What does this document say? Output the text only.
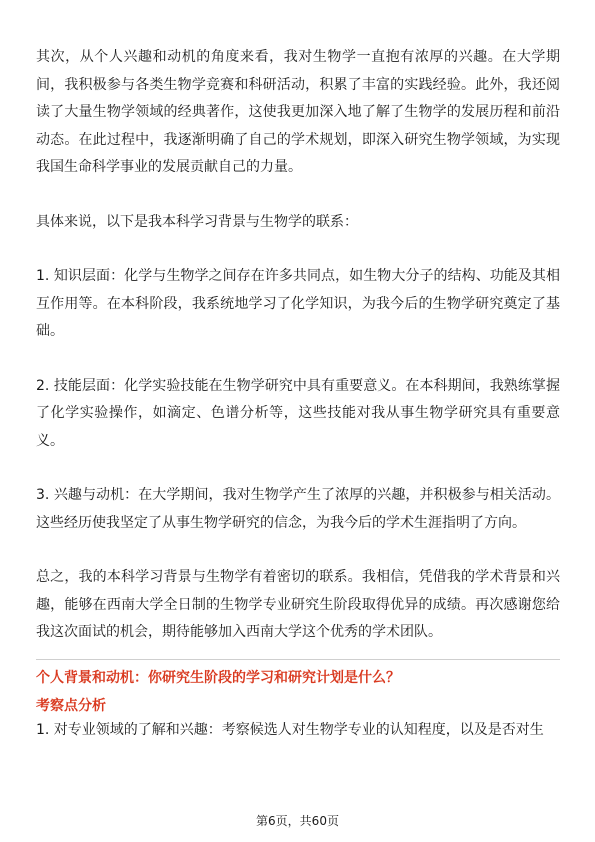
其次，从个人兴趣和动机的角度来看，我对生物学一直抱有浓厚的兴趣。在大学期间，我积极参与各类生物学竞赛和科研活动，积累了丰富的实践经验。此外，我还阅读了大量生物学领域的经典著作，这使我更加深入地了解了生物学的发展历程和前沿动态。在此过程中，我逐渐明确了自己的学术规划，即深入研究生物学领域，为实现我国生命科学事业的发展贡献自己的力量。

具体来说，以下是我本科学习背景与生物学的联系：

1. 知识层面：化学与生物学之间存在许多共同点，如生物大分子的结构、功能及其相互作用等。在本科阶段，我系统地学习了化学知识，为我今后的生物学研究奠定了基础。

2. 技能层面：化学实验技能在生物学研究中具有重要意义。在本科期间，我熟练掌握了化学实验操作，如滴定、色谱分析等，这些技能对我从事生物学研究具有重要意义。

3. 兴趣与动机：在大学期间，我对生物学产生了浓厚的兴趣，并积极参与相关活动。这些经历使我坚定了从事生物学研究的信念，为我今后的学术生涯指明了方向。

总之，我的本科学习背景与生物学有着密切的联系。我相信，凭借我的学术背景和兴趣，能够在西南大学全日制的生物学专业研究生阶段取得优异的成绩。再次感谢您给我这次面试的机会，期待能够加入西南大学这个优秀的学术团队。

个人背景和动机：你研究生阶段的学习和研究计划是什么？

考察点分析

1. 对专业领域的了解和兴趣：考察候选人对生物学专业的认知程度，以及是否对生

第6页，共60页
